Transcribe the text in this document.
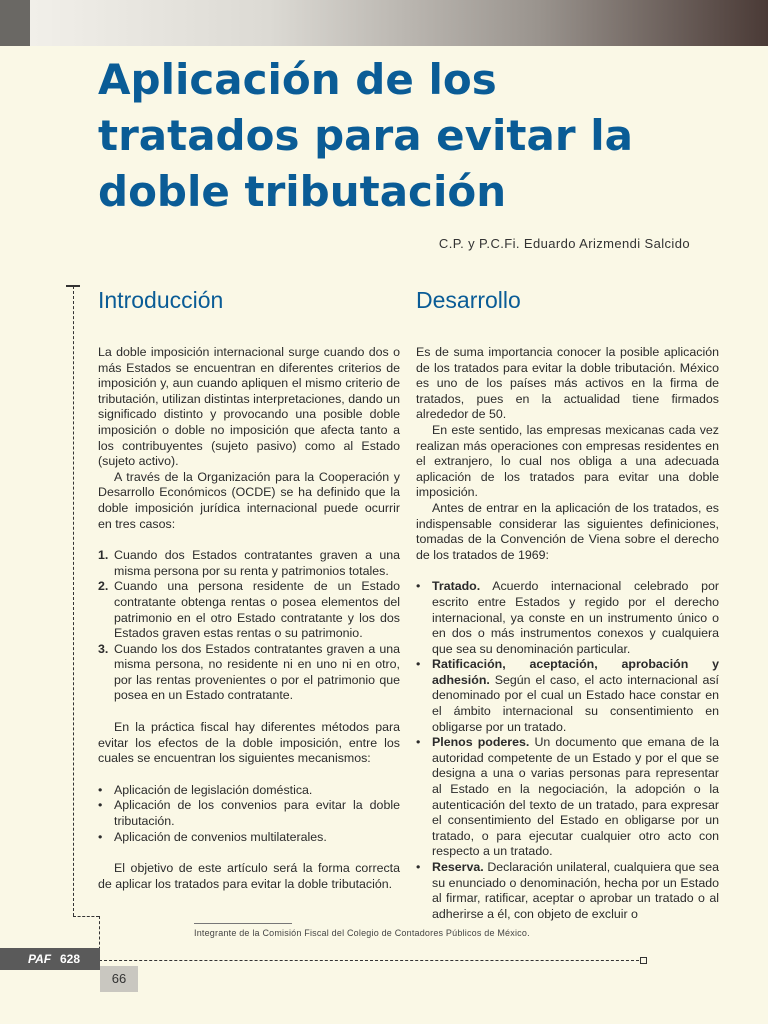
Aplicación de los tratados para evitar la doble tributación
C.P. y P.C.Fi. Eduardo Arizmendi Salcido
Introducción	Desarrollo

La doble imposición internacional surge cuando dos o más Estados se encuentran en diferentes criterios de imposición y, aun cuando apliquen el mismo criterio de tributación, utilizan distintas interpretaciones, dando un significado distinto y provocando una posible doble imposición o doble no imposición que afecta tanto a los contribuyentes (sujeto pasivo) como al Estado (sujeto activo).

A través de la Organización para la Cooperación y Desarrollo Económicos (OCDE) se ha definido que la doble imposición jurídica internacional puede ocurrir en tres casos:

1. Cuando dos Estados contratantes graven a una misma persona por su renta y patrimonios totales.
2. Cuando una persona residente de un Estado contratante obtenga rentas o posea elementos del patrimonio en el otro Estado contratante y los dos Estados graven estas rentas o su patrimonio.
3. Cuando los dos Estados contratantes graven a una misma persona, no residente ni en uno ni en otro, por las rentas provenientes o por el patrimonio que posea en un Estado contratante.

En la práctica fiscal hay diferentes métodos para evitar los efectos de la doble imposición, entre los cuales se encuentran los siguientes mecanismos:

• Aplicación de legislación doméstica.
• Aplicación de los convenios para evitar la doble tributación.
• Aplicación de convenios multilaterales.

El objetivo de este artículo será la forma correcta de aplicar los tratados para evitar la doble tributación.

Es de suma importancia conocer la posible aplicación de los tratados para evitar la doble tributación. México es uno de los países más activos en la firma de tratados, pues en la actualidad tiene firmados alrededor de 50.

En este sentido, las empresas mexicanas cada vez realizan más operaciones con empresas residentes en el extranjero, lo cual nos obliga a una adecuada aplicación de los tratados para evitar una doble imposición.

Antes de entrar en la aplicación de los tratados, es indispensable considerar las siguientes definiciones, tomadas de la Convención de Viena sobre el derecho de los tratados de 1969:

• Tratado. Acuerdo internacional celebrado por escrito entre Estados y regido por el derecho internacional, ya conste en un instrumento único o en dos o más instrumentos conexos y cualquiera que sea su denominación particular.
• Ratificación, aceptación, aprobación y adhesión. Según el caso, el acto internacional así denominado por el cual un Estado hace constar en el ámbito internacional su consentimiento en obligarse por un tratado.
• Plenos poderes. Un documento que emana de la autoridad competente de un Estado y por el que se designa a una o varias personas para representar al Estado en la negociación, la adopción o la autenticación del texto de un tratado, para expresar el consentimiento del Estado en obligarse por un tratado, o para ejecutar cualquier otro acto con respecto a un tratado.
• Reserva. Declaración unilateral, cualquiera que sea su enunciado o denominación, hecha por un Estado al firmar, ratificar, aceptar o aprobar un tratado o al adherirse a él, con objeto de excluir o
Integrante de la Comisión Fiscal del Colegio de Contadores Públicos de México.
PAF 628
66
